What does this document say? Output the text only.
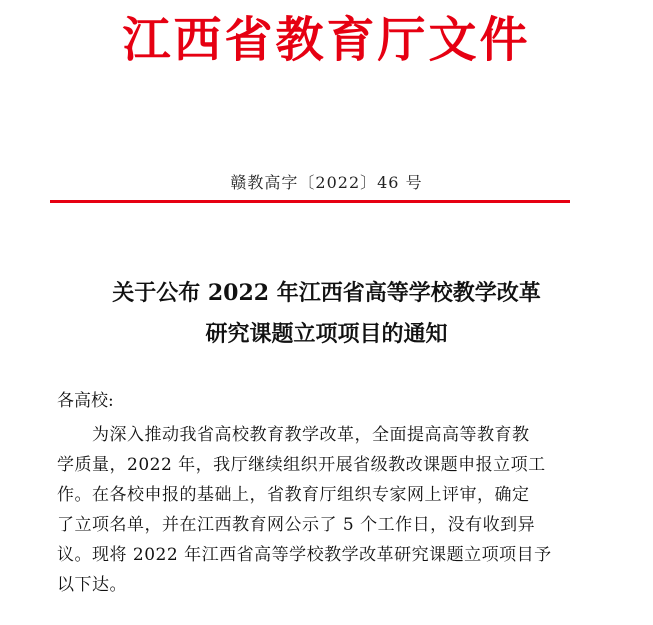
江西省教育厅文件
赣教高字〔2022〕46 号
关于公布 2022 年江西省高等学校教学改革
研究课题立项项目的通知
各高校:
为深入推动我省高校教育教学改革，全面提高高等教育教
学质量，2022 年，我厅继续组织开展省级教改课题申报立项工
作。在各校申报的基础上，省教育厅组织专家网上评审，确定
了立项名单，并在江西教育网公示了 5 个工作日，没有收到异
议。现将 2022 年江西省高等学校教学改革研究课题立项项目予
以下达。
